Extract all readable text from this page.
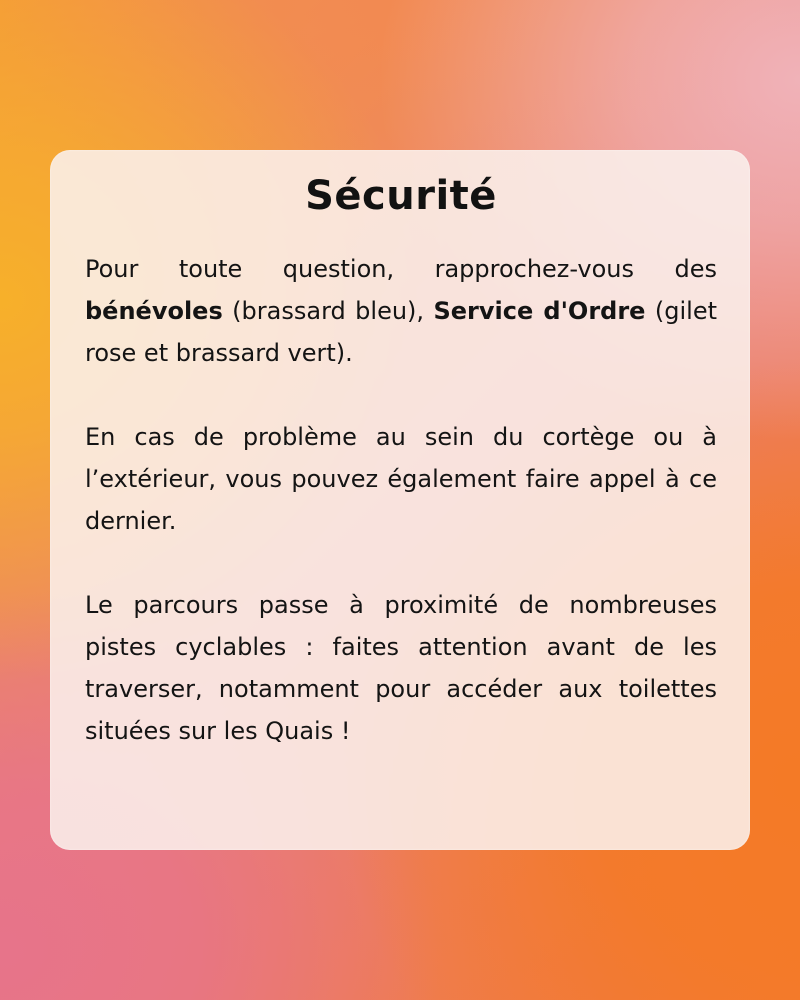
Sécurité

Pour toute question, rapprochez-vous des bénévoles (brassard bleu), Service d'Ordre (gilet rose et brassard vert).

En cas de problème au sein du cortège ou à l’extérieur, vous pouvez également faire appel à ce dernier.

Le parcours passe à proximité de nombreuses pistes cyclables : faites attention avant de les traverser, notamment pour accéder aux toilettes situées sur les Quais !
